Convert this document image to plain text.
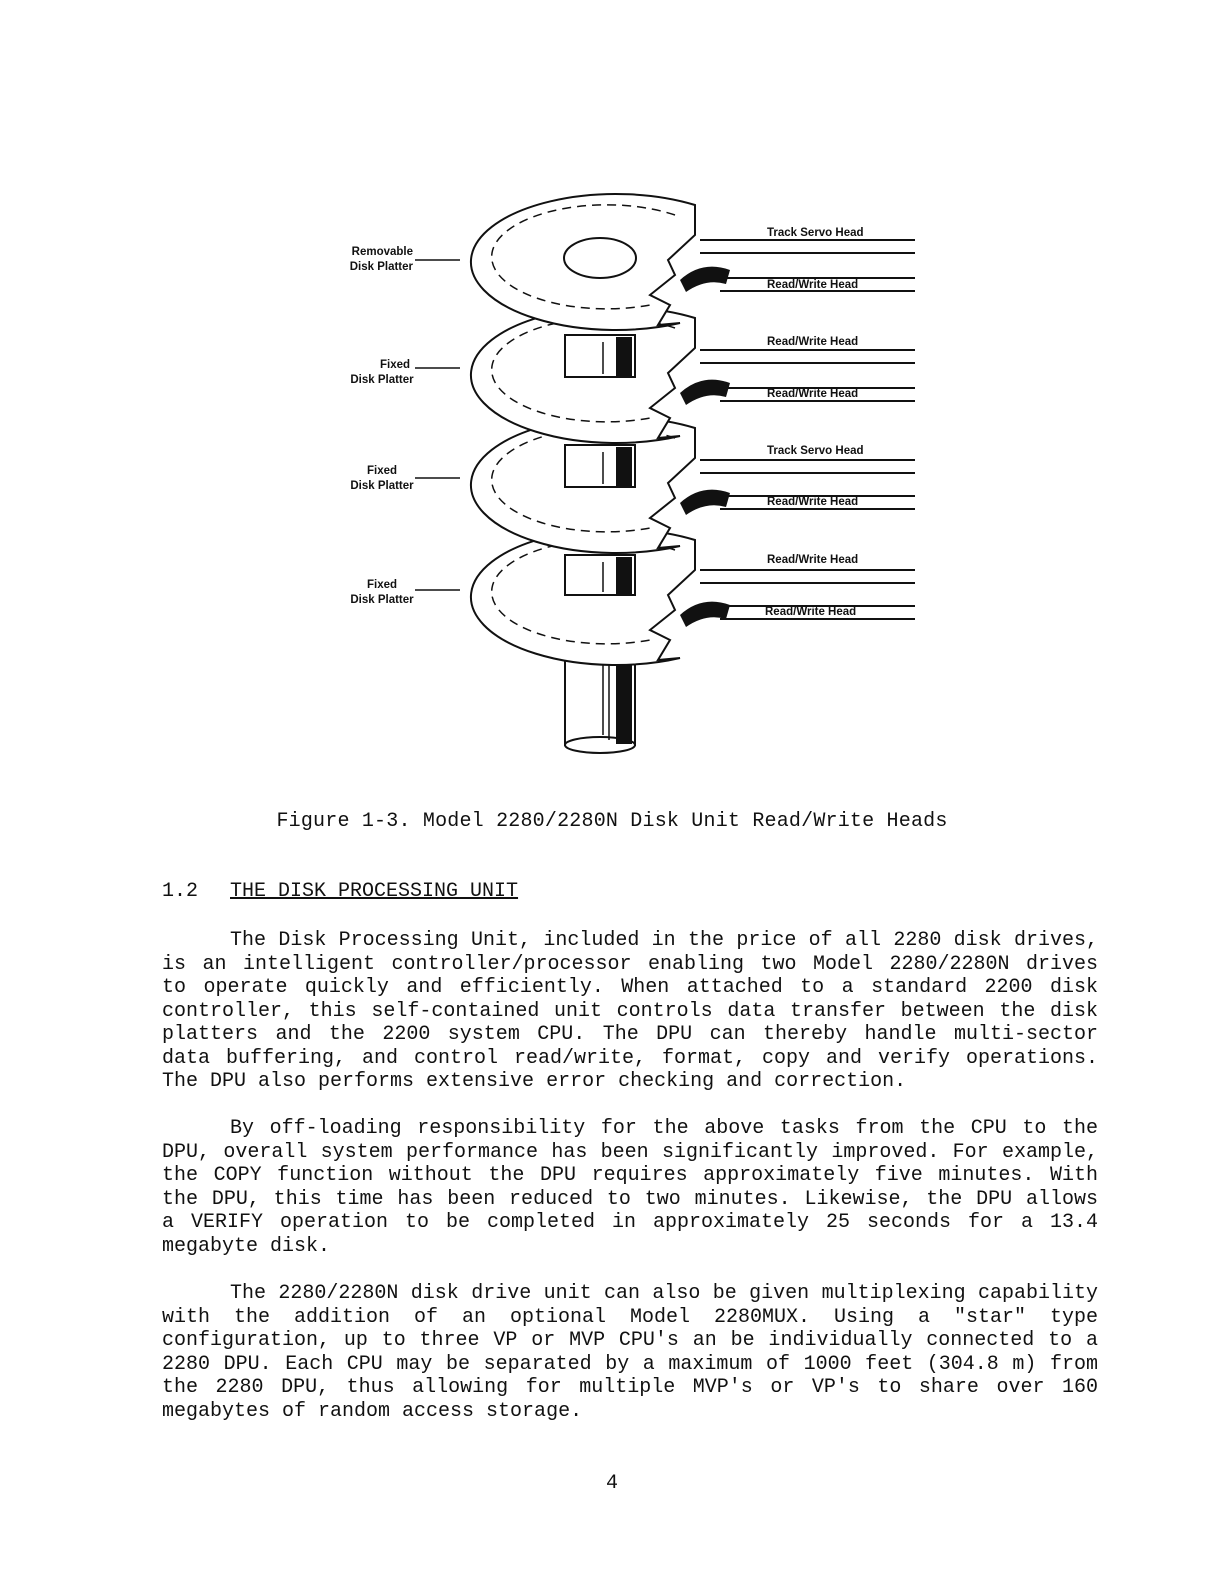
Removable
Disk Platter
Fixed
Disk Platter
Fixed
Disk Platter
Fixed
Disk Platter
Track Servo Head
Read/Write Head
Read/Write Head
Read/Write Head
Track Servo Head
Read/Write Head
Read/Write Head
Read/Write Head
Figure 1-3. Model 2280/2280N Disk Unit Read/Write Heads
1.2 THE DISK PROCESSING UNIT

The Disk Processing Unit, included in the price of all 2280 disk drives, is an intelligent controller/processor enabling two Model 2280/2280N drives to operate quickly and efficiently. When attached to a standard 2200 disk controller, this self-contained unit controls data transfer between the disk platters and the 2200 system CPU. The DPU can thereby handle multi-sector data buffering, and control read/write, format, copy and verify operations. The DPU also performs extensive error checking and correction.

By off-loading responsibility for the above tasks from the CPU to the DPU, overall system performance has been significantly improved. For example, the COPY function without the DPU requires approximately five minutes. With the DPU, this time has been reduced to two minutes. Likewise, the DPU allows a VERIFY operation to be completed in approximately 25 seconds for a 13.4 megabyte disk.

The 2280/2280N disk drive unit can also be given multiplexing capability with the addition of an optional Model 2280MUX. Using a "star" type configuration, up to three VP or MVP CPU's an be individually connected to a 2280 DPU. Each CPU may be separated by a maximum of 1000 feet (304.8 m) from the 2280 DPU, thus allowing for multiple MVP's or VP's to share over 160 megabytes of random access storage.

4
